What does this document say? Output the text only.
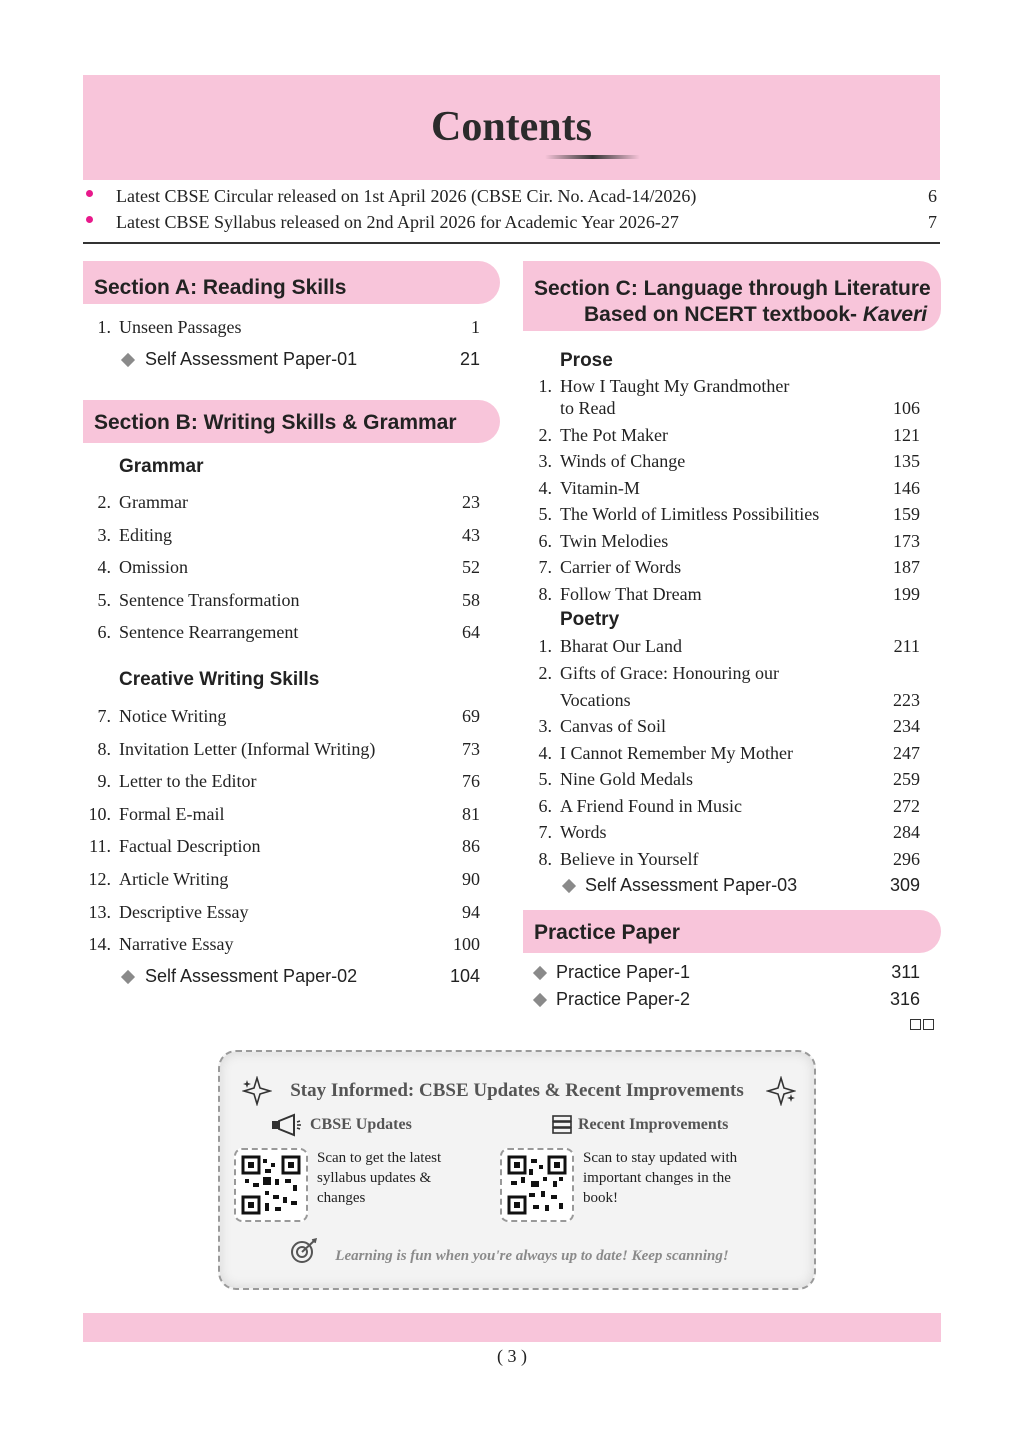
Contents
Latest CBSE Circular released on 1st April 2026 (CBSE Cir. No. Acad-14/2026)	6
Latest CBSE Syllabus released on 2nd April 2026 for Academic Year 2026-27	7
Section A: Reading Skills
1. Unseen Passages	1
Self Assessment Paper-01	21
Section B: Writing Skills & Grammar
Grammar
2. Grammar	23
3. Editing	43
4. Omission	52
5. Sentence Transformation	58
6. Sentence Rearrangement	64
Creative Writing Skills
7. Notice Writing	69
8. Invitation Letter (Informal Writing)	73
9. Letter to the Editor	76
10. Formal E-mail	81
11. Factual Description	86
12. Article Writing	90
13. Descriptive Essay	94
14. Narrative Essay	100
Self Assessment Paper-02	104
Section C: Language through Literature
Based on NCERT textbook- Kaveri
Prose
1. How I Taught My Grandmother
to Read	106
2. The Pot Maker	121
3. Winds of Change	135
4. Vitamin-M	146
5. The World of Limitless Possibilities	159
6. Twin Melodies	173
7. Carrier of Words	187
8. Follow That Dream	199
Poetry
1. Bharat Our Land	211
2. Gifts of Grace: Honouring our
Vocations	223
3. Canvas of Soil	234
4. I Cannot Remember My Mother	247
5. Nine Gold Medals	259
6. A Friend Found in Music	272
7. Words	284
8. Believe in Yourself	296
Self Assessment Paper-03	309
Practice Paper
Practice Paper-1	311
Practice Paper-2	316
Stay Informed: CBSE Updates & Recent Improvements
CBSE Updates	Recent Improvements
Scan to get the latest
syllabus updates &
changes
Scan to stay updated with
important changes in the
book!
Learning is fun when you're always up to date! Keep scanning!
( 3 )
